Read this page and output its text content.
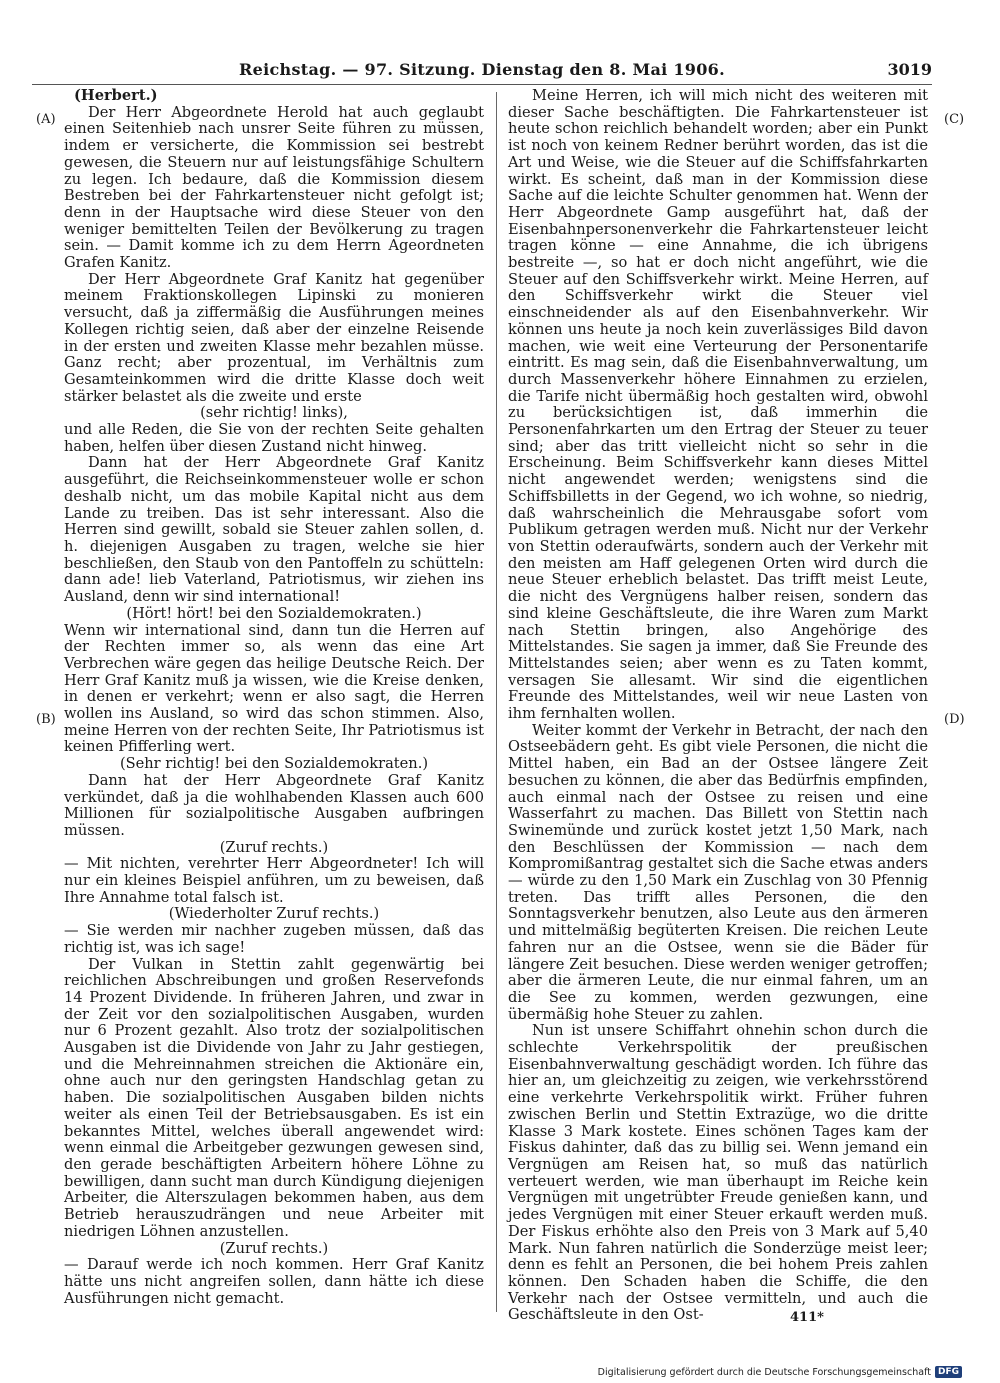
Reichstag. — 97. Sitzung. Dienstag den 8. Mai 1906.	3019
(A)
(B)
(C)
(D)

(Herbert.)

Der Herr Abgeordnete Herold hat auch geglaubt einen Seitenhieb nach unsrer Seite führen zu müssen, indem er versicherte, die Kommission sei bestrebt gewesen, die Steuern nur auf leistungsfähige Schultern zu legen. Ich bedaure, daß die Kommission diesem Bestreben bei der Fahrkartensteuer nicht gefolgt ist; denn in der Hauptsache wird diese Steuer von den weniger bemittelten Teilen der Bevölkerung zu tragen sein. — Damit komme ich zu dem Herrn Ageordneten Grafen Kanitz.

Der Herr Abgeordnete Graf Kanitz hat gegenüber meinem Fraktionskollegen Lipinski zu monieren versucht, daß ja ziffermäßig die Ausführungen meines Kollegen richtig seien, daß aber der einzelne Reisende in der ersten und zweiten Klasse mehr bezahlen müsse. Ganz recht; aber prozentual, im Verhältnis zum Gesamteinkommen wird die dritte Klasse doch weit stärker belastet als die zweite und erste

(sehr richtig! links),

und alle Reden, die Sie von der rechten Seite gehalten haben, helfen über diesen Zustand nicht hinweg.

Dann hat der Herr Abgeordnete Graf Kanitz ausgeführt, die Reichseinkommensteuer wolle er schon deshalb nicht, um das mobile Kapital nicht aus dem Lande zu treiben. Das ist sehr interessant. Also die Herren sind gewillt, sobald sie Steuer zahlen sollen, d. h. diejenigen Ausgaben zu tragen, welche sie hier beschließen, den Staub von den Pantoffeln zu schütteln: dann ade! lieb Vaterland, Patriotismus, wir ziehen ins Ausland, denn wir sind international!

(Hört! hört! bei den Sozialdemokraten.)

Wenn wir international sind, dann tun die Herren auf der Rechten immer so, als wenn das eine Art Verbrechen wäre gegen das heilige Deutsche Reich. Der Herr Graf Kanitz muß ja wissen, wie die Kreise denken, in denen er verkehrt; wenn er also sagt, die Herren wollen ins Ausland, so wird das schon stimmen. Also, meine Herren von der rechten Seite, Ihr Patriotismus ist keinen Pfifferling wert.

(Sehr richtig! bei den Sozialdemokraten.)

Dann hat der Herr Abgeordnete Graf Kanitz verkündet, daß ja die wohlhabenden Klassen auch 600 Millionen für sozialpolitische Ausgaben aufbringen müssen.

(Zuruf rechts.)

— Mit nichten, verehrter Herr Abgeordneter! Ich will nur ein kleines Beispiel anführen, um zu beweisen, daß Ihre Annahme total falsch ist.

(Wiederholter Zuruf rechts.)

— Sie werden mir nachher zugeben müssen, daß das richtig ist, was ich sage!

Der Vulkan in Stettin zahlt gegenwärtig bei reichlichen Abschreibungen und großen Reservefonds 14 Prozent Dividende. In früheren Jahren, und zwar in der Zeit vor den sozialpolitischen Ausgaben, wurden nur 6 Prozent gezahlt. Also trotz der sozialpolitischen Ausgaben ist die Dividende von Jahr zu Jahr gestiegen, und die Mehreinnahmen streichen die Aktionäre ein, ohne auch nur den geringsten Handschlag getan zu haben. Die sozialpolitischen Ausgaben bilden nichts weiter als einen Teil der Betriebsausgaben. Es ist ein bekanntes Mittel, welches überall angewendet wird: wenn einmal die Arbeitgeber gezwungen gewesen sind, den gerade beschäftigten Arbeitern höhere Löhne zu bewilligen, dann sucht man durch Kündigung diejenigen Arbeiter, die Alterszulagen bekommen haben, aus dem Betrieb herauszudrängen und neue Arbeiter mit niedrigen Löhnen anzustellen.

(Zuruf rechts.)

— Darauf werde ich noch kommen. Herr Graf Kanitz hätte uns nicht angreifen sollen, dann hätte ich diese Ausführungen nicht gemacht.

Meine Herren, ich will mich nicht des weiteren mit dieser Sache beschäftigten. Die Fahrkartensteuer ist heute schon reichlich behandelt worden; aber ein Punkt ist noch von keinem Redner berührt worden, das ist die Art und Weise, wie die Steuer auf die Schiffsfahrkarten wirkt. Es scheint, daß man in der Kommission diese Sache auf die leichte Schulter genommen hat. Wenn der Herr Abgeordnete Gamp ausgeführt hat, daß der Eisenbahnpersonenverkehr die Fahrkartensteuer leicht tragen könne — eine Annahme, die ich übrigens bestreite —, so hat er doch nicht angeführt, wie die Steuer auf den Schiffsverkehr wirkt. Meine Herren, auf den Schiffsverkehr wirkt die Steuer viel einschneidender als auf den Eisenbahnverkehr. Wir können uns heute ja noch kein zuverlässiges Bild davon machen, wie weit eine Verteurung der Personentarife eintritt. Es mag sein, daß die Eisenbahnverwaltung, um durch Massenverkehr höhere Einnahmen zu erzielen, die Tarife nicht übermäßig hoch gestalten wird, obwohl zu berücksichtigen ist, daß immerhin die Personenfahrkarten um den Ertrag der Steuer zu teuer sind; aber das tritt vielleicht nicht so sehr in die Erscheinung. Beim Schiffsverkehr kann dieses Mittel nicht angewendet werden; wenigstens sind die Schiffsbilletts in der Gegend, wo ich wohne, so niedrig, daß wahrscheinlich die Mehrausgabe sofort vom Publikum getragen werden muß. Nicht nur der Verkehr von Stettin oderaufwärts, sondern auch der Verkehr mit den meisten am Haff gelegenen Orten wird durch die neue Steuer erheblich belastet. Das trifft meist Leute, die nicht des Vergnügens halber reisen, sondern das sind kleine Geschäftsleute, die ihre Waren zum Markt nach Stettin bringen, also Angehörige des Mittelstandes. Sie sagen ja immer, daß Sie Freunde des Mittelstandes seien; aber wenn es zu Taten kommt, versagen Sie allesamt. Wir sind die eigentlichen Freunde des Mittelstandes, weil wir neue Lasten von ihm fernhalten wollen.

Weiter kommt der Verkehr in Betracht, der nach den Ostseebädern geht. Es gibt viele Personen, die nicht die Mittel haben, ein Bad an der Ostsee längere Zeit besuchen zu können, die aber das Bedürfnis empfinden, auch einmal nach der Ostsee zu reisen und eine Wasserfahrt zu machen. Das Billett von Stettin nach Swinemünde und zurück kostet jetzt 1,50 Mark, nach den Beschlüssen der Kommission — nach dem Kompromißantrag gestaltet sich die Sache etwas anders — würde zu den 1,50 Mark ein Zuschlag von 30 Pfennig treten. Das trifft alles Personen, die den Sonntagsverkehr benutzen, also Leute aus den ärmeren und mittelmäßig begüterten Kreisen. Die reichen Leute fahren nur an die Ostsee, wenn sie die Bäder für längere Zeit besuchen. Diese werden weniger getroffen; aber die ärmeren Leute, die nur einmal fahren, um an die See zu kommen, werden gezwungen, eine übermäßig hohe Steuer zu zahlen.

Nun ist unsere Schiffahrt ohnehin schon durch die schlechte Verkehrspolitik der preußischen Eisenbahnverwaltung geschädigt worden. Ich führe das hier an, um gleichzeitig zu zeigen, wie verkehrsstörend eine verkehrte Verkehrspolitik wirkt. Früher fuhren zwischen Berlin und Stettin Extrazüge, wo die dritte Klasse 3 Mark kostete. Eines schönen Tages kam der Fiskus dahinter, daß das zu billig sei. Wenn jemand ein Vergnügen am Reisen hat, so muß das natürlich verteuert werden, wie man überhaupt im Reiche kein Vergnügen mit ungetrübter Freude genießen kann, und jedes Vergnügen mit einer Steuer erkauft werden muß. Der Fiskus erhöhte also den Preis von 3 Mark auf 5,40 Mark. Nun fahren natürlich die Sonderzüge meist leer; denn es fehlt an Personen, die bei hohem Preis zahlen können. Den Schaden haben die Schiffe, die den Verkehr nach der Ostsee vermitteln, und auch die Geschäftsleute in den Ost-	411*
Digitalisierung gefördert durch die Deutsche Forschungsgemeinschaft DFG
